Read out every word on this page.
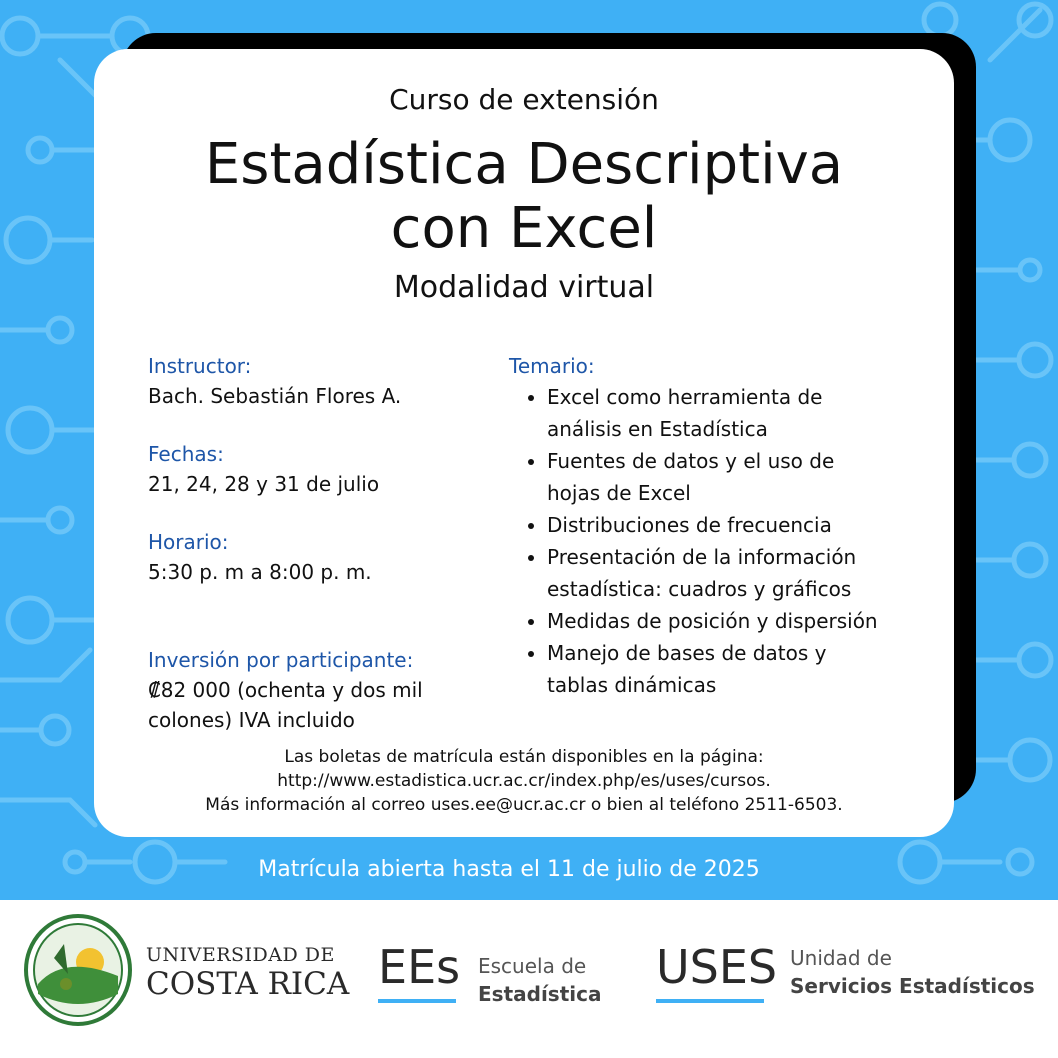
Curso de extensión
Estadística Descriptiva
con Excel
Modalidad virtual
Instructor:
Bach. Sebastián Flores A.
Fechas:
21, 24, 28 y 31 de julio
Horario:
5:30 p. m a 8:00 p. m.
Inversión por participante:
₡82 000 (ochenta y dos mil
colones) IVA incluido
Temario:
• Excel como herramienta de
análisis en Estadística
• Fuentes de datos y el uso de
hojas de Excel
• Distribuciones de frecuencia
• Presentación de la información
estadística: cuadros y gráficos
• Medidas de posición y dispersión
• Manejo de bases de datos y
tablas dinámicas
Las boletas de matrícula están disponibles en la página:
http://www.estadistica.ucr.ac.cr/index.php/es/uses/cursos.
Más información al correo uses.ee@ucr.ac.cr o bien al teléfono 2511-6503.
Matrícula abierta hasta el 11 de julio de 2025
UNIVERSIDAD DE
COSTA RICA EEs Escuela de
Estadística USES Unidad de
Servicios Estadísticos
